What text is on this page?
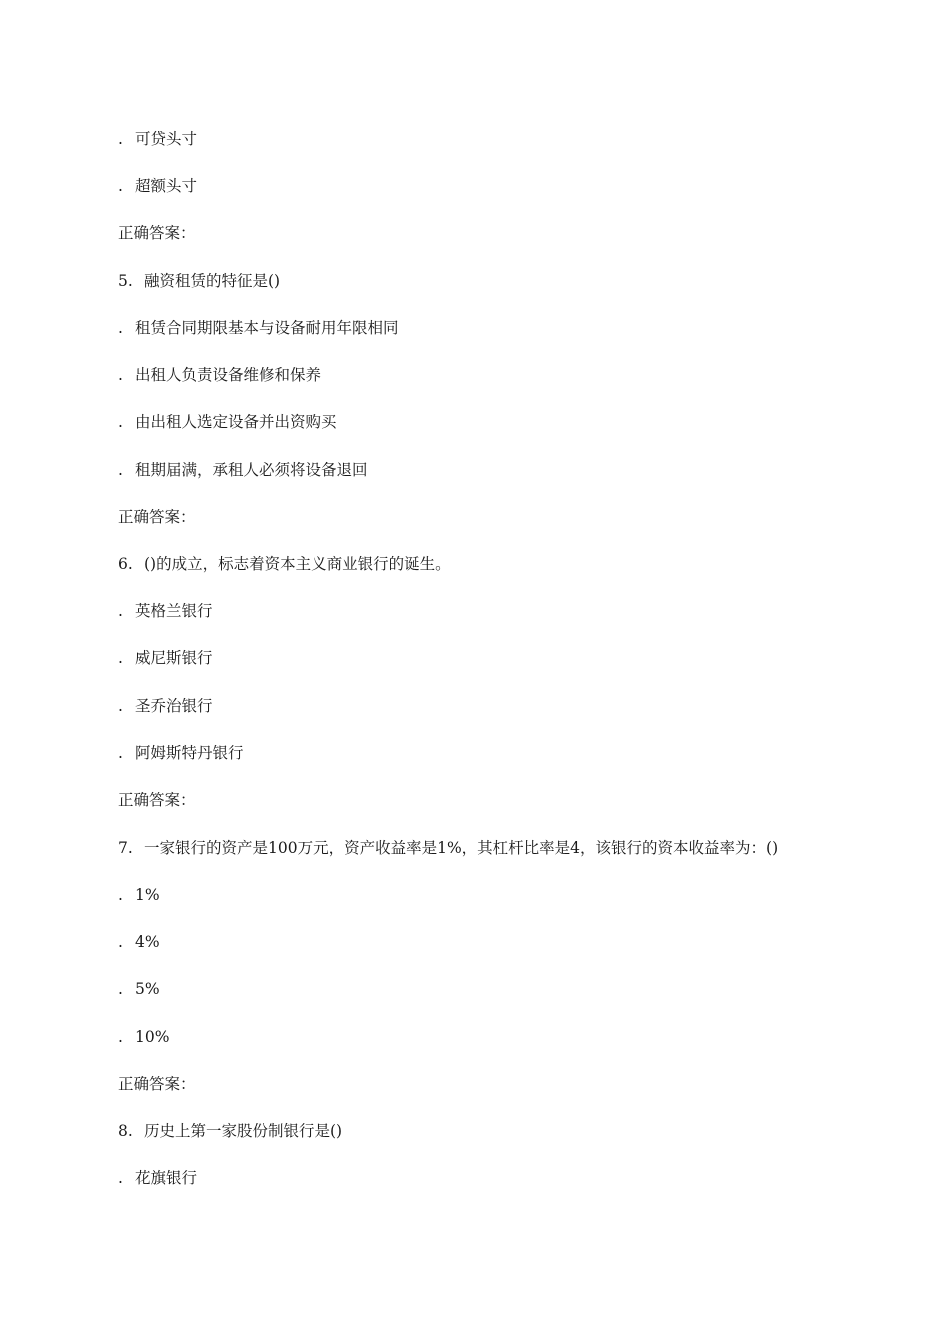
. 可贷头寸
. 超额头寸
正确答案：
5. 融资租赁的特征是()
. 租赁合同期限基本与设备耐用年限相同
. 出租人负责设备维修和保养
. 由出租人选定设备并出资购买
. 租期届满，承租人必须将设备退回
正确答案：
6. ()的成立，标志着资本主义商业银行的诞生。
. 英格兰银行
. 威尼斯银行
. 圣乔治银行
. 阿姆斯特丹银行
正确答案：
7. 一家银行的资产是100万元，资产收益率是1%，其杠杆比率是4，该银行的资本收益率为：()
. 1%
. 4%
. 5%
. 10%
正确答案：
8. 历史上第一家股份制银行是()
. 花旗银行
